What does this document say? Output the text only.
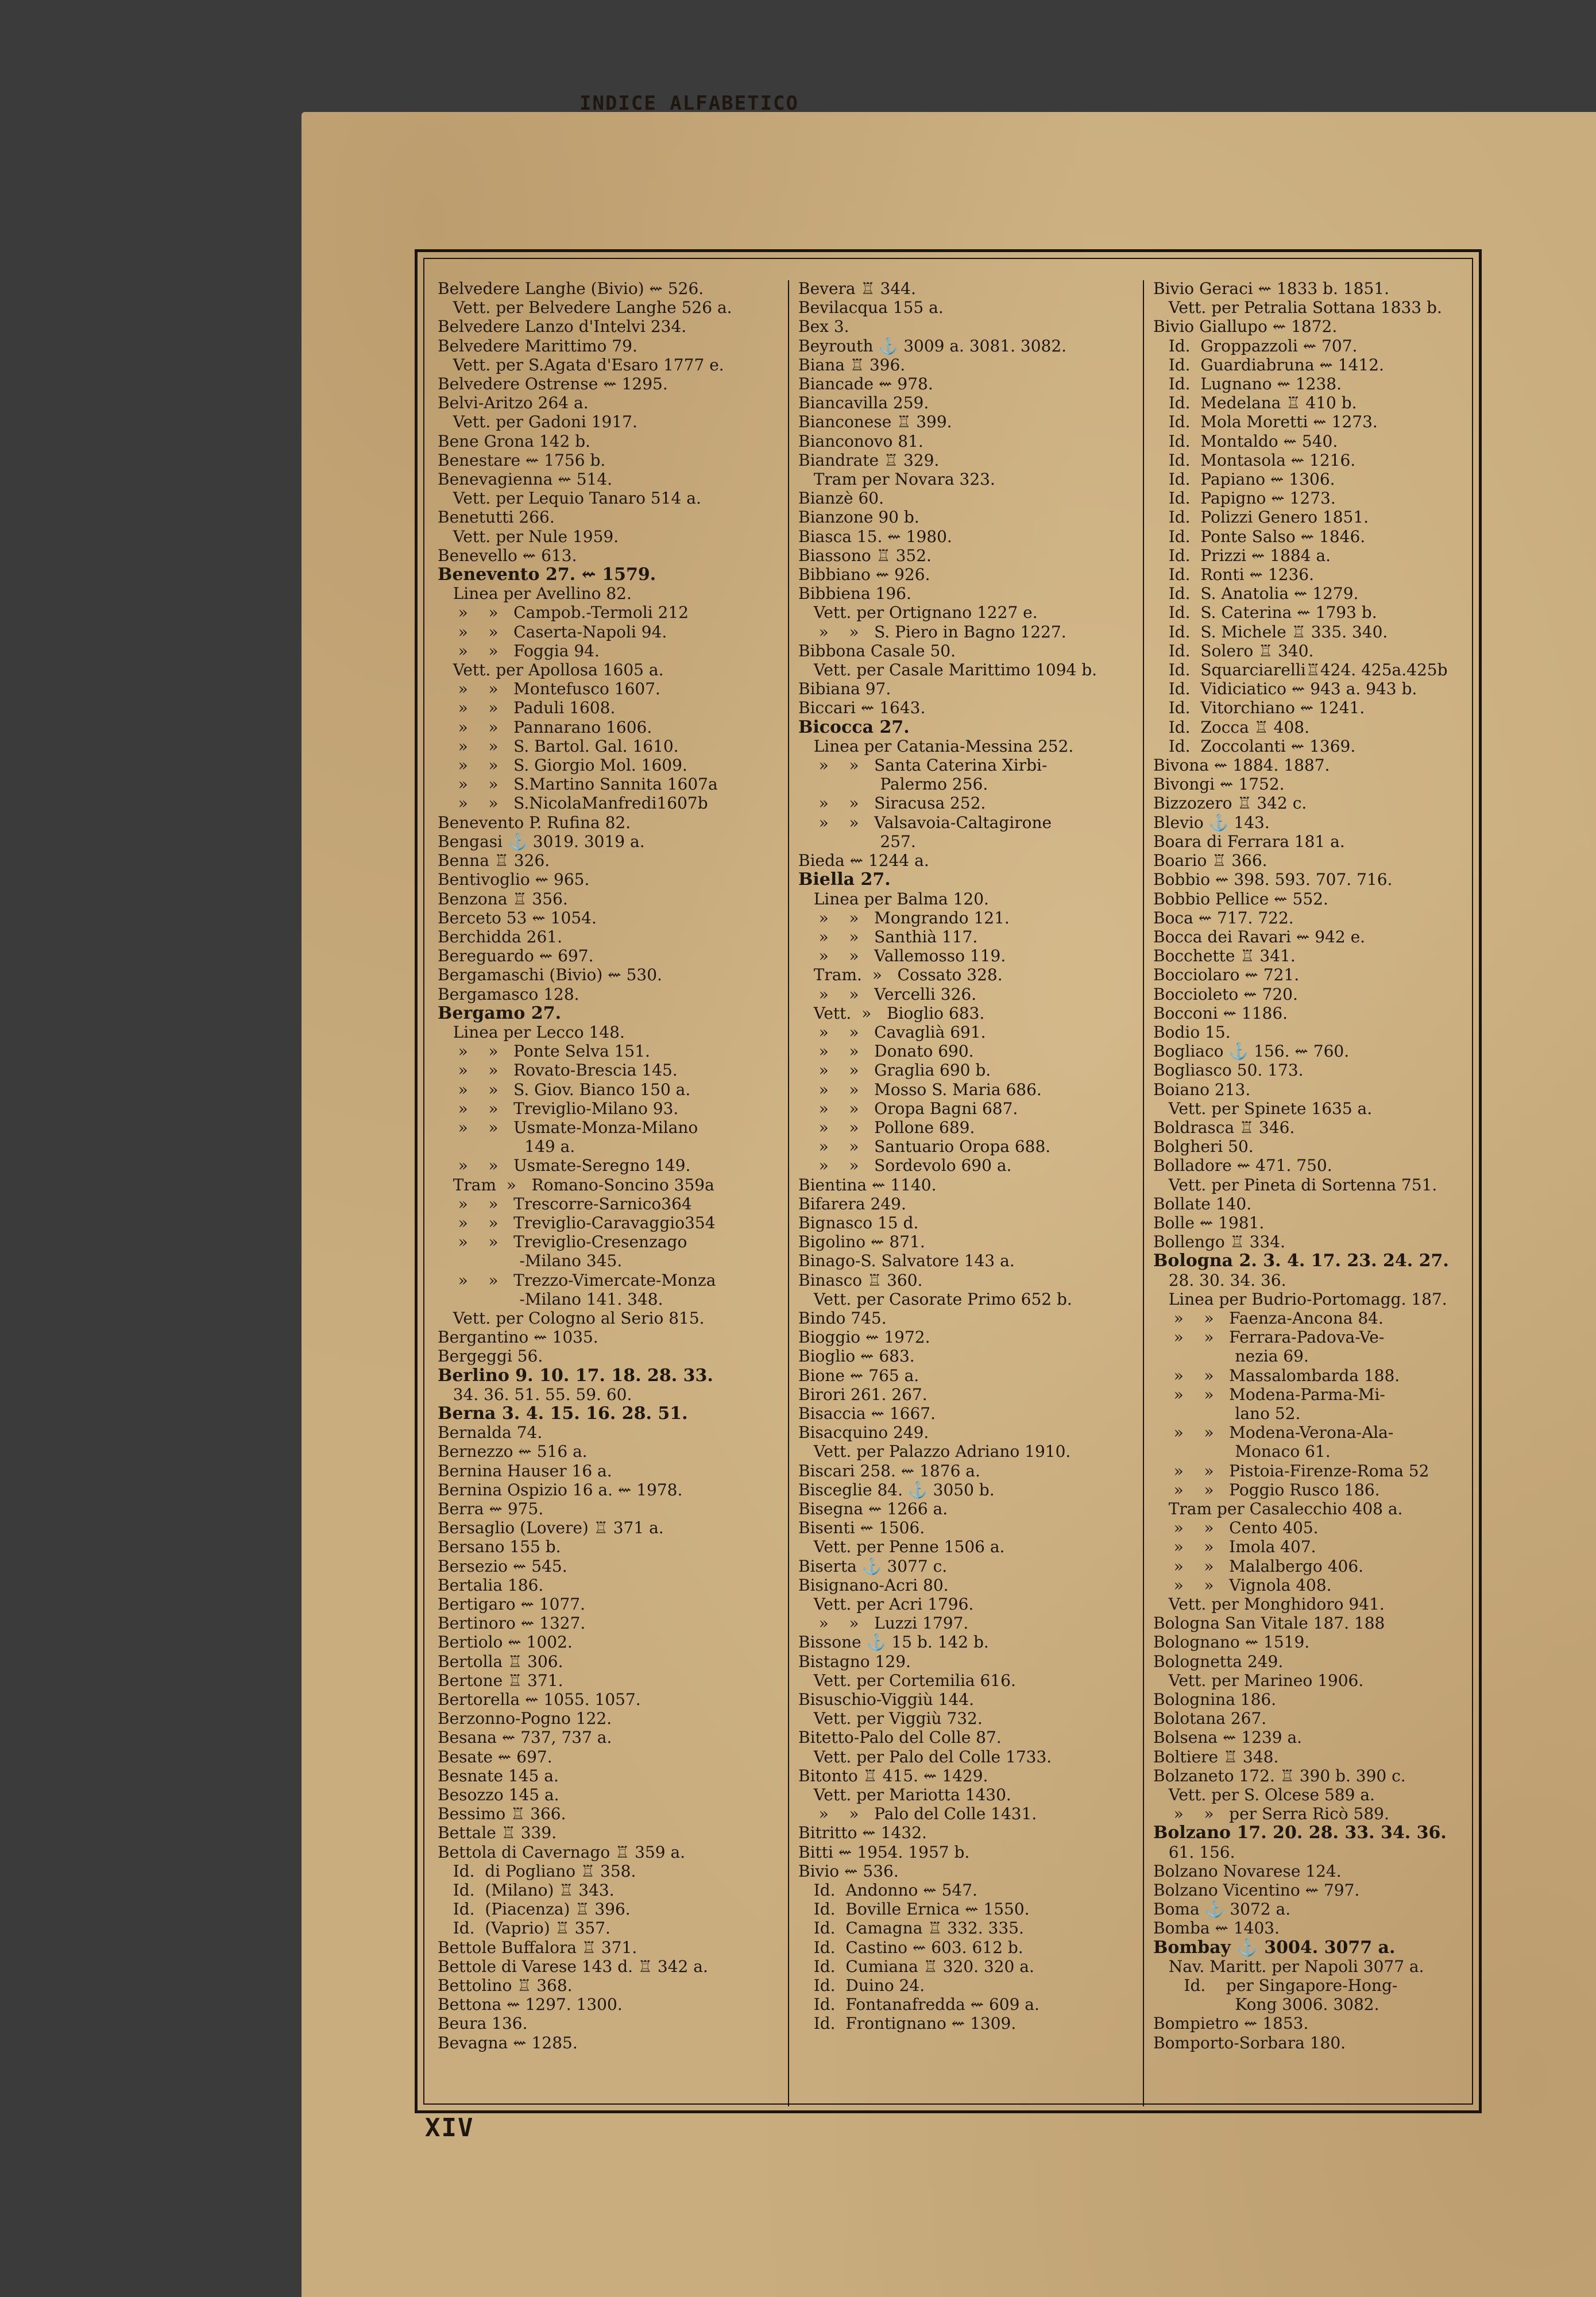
INDICE ALFABETICO
Belvedere Langhe (Bivio) ⇜ 526.
Vett. per Belvedere Langhe 526 a.
Belvedere Lanzo d'Intelvi 234.
Belvedere Marittimo 79.
Vett. per S.Agata d'Esaro 1777 e.
Belvedere Ostrense ⇜ 1295.
Belvi-Aritzo 264 a.
Vett. per Gadoni 1917.
Bene Grona 142 b.
Benestare ⇜ 1756 b.
Benevagienna ⇜ 514.
Vett. per Lequio Tanaro 514 a.
Benetutti 266.
Vett. per Nule 1959.
Benevello ⇜ 613.
Benevento 27. ⇜ 1579.
Linea per Avellino 82.
»    »   Campob.-Termoli 212
»    »   Caserta-Napoli 94.
»    »   Foggia 94.
Vett. per Apollosa 1605 a.
»    »   Montefusco 1607.
»    »   Paduli 1608.
»    »   Pannarano 1606.
»    »   S. Bartol. Gal. 1610.
»    »   S. Giorgio Mol. 1609.
»    »   S.Martino Sannita 1607a
»    »   S.NicolaManfredi1607b
Benevento P. Rufina 82.
Bengasi ⚓ 3019. 3019 a.
Benna ♖ 326.
Bentivoglio ⇜ 965.
Benzona ♖ 356.
Berceto 53 ⇜ 1054.
Berchidda 261.
Bereguardo ⇜ 697.
Bergamaschi (Bivio) ⇜ 530.
Bergamasco 128.
Bergamo 27.
Linea per Lecco 148.
»    »   Ponte Selva 151.
»    »   Rovato-Brescia 145.
»    »   S. Giov. Bianco 150 a.
»    »   Treviglio-Milano 93.
»    »   Usmate-Monza-Milano
149 a.
»    »   Usmate-Seregno 149.
Tram  »   Romano-Soncino 359a
»    »   Trescorre-Sarnico364
»    »   Treviglio-Caravaggio354
»    »   Treviglio-Cresenzago
-Milano 345.
»    »   Trezzo-Vimercate-Monza
-Milano 141. 348.
Vett. per Cologno al Serio 815.
Bergantino ⇜ 1035.
Bergeggi 56.
Berlino 9. 10. 17. 18. 28. 33.
34. 36. 51. 55. 59. 60.
Berna 3. 4. 15. 16. 28. 51.
Bernalda 74.
Bernezzo ⇜ 516 a.
Bernina Hauser 16 a.
Bernina Ospizio 16 a. ⇜ 1978.
Berra ⇜ 975.
Bersaglio (Lovere) ♖ 371 a.
Bersano 155 b.
Bersezio ⇜ 545.
Bertalia 186.
Bertigaro ⇜ 1077.
Bertinoro ⇜ 1327.
Bertiolo ⇜ 1002.
Bertolla ♖ 306.
Bertone ♖ 371.
Bertorella ⇜ 1055. 1057.
Berzonno-Pogno 122.
Besana ⇜ 737, 737 a.
Besate ⇜ 697.
Besnate 145 a.
Besozzo 145 a.
Bessimo ♖ 366.
Bettale ♖ 339.
Bettola di Cavernago ♖ 359 a.
Id.  di Pogliano ♖ 358.
Id.  (Milano) ♖ 343.
Id.  (Piacenza) ♖ 396.
Id.  (Vaprio) ♖ 357.
Bettole Buffalora ♖ 371.
Bettole di Varese 143 d. ♖ 342 a.
Bettolino ♖ 368.
Bettona ⇜ 1297. 1300.
Beura 136.
Bevagna ⇜ 1285.
Bevera ♖ 344.
Bevilacqua 155 a.
Bex 3.
Beyrouth ⚓ 3009 a. 3081. 3082.
Biana ♖ 396.
Biancade ⇜ 978.
Biancavilla 259.
Bianconese ♖ 399.
Bianconovo 81.
Biandrate ♖ 329.
Tram per Novara 323.
Bianzè 60.
Bianzone 90 b.
Biasca 15. ⇜ 1980.
Biassono ♖ 352.
Bibbiano ⇜ 926.
Bibbiena 196.
Vett. per Ortignano 1227 e.
»    »   S. Piero in Bagno 1227.
Bibbona Casale 50.
Vett. per Casale Marittimo 1094 b.
Bibiana 97.
Biccari ⇜ 1643.
Bicocca 27.
Linea per Catania-Messina 252.
»    »   Santa Caterina Xirbi-
Palermo 256.
»    »   Siracusa 252.
»    »   Valsavoia-Caltagirone
257.
Bieda ⇜ 1244 a.
Biella 27.
Linea per Balma 120.
»    »   Mongrando 121.
»    »   Santhià 117.
»    »   Vallemosso 119.
Tram.  »   Cossato 328.
»    »   Vercelli 326.
Vett.  »   Bioglio 683.
»    »   Cavaglià 691.
»    »   Donato 690.
»    »   Graglia 690 b.
»    »   Mosso S. Maria 686.
»    »   Oropa Bagni 687.
»    »   Pollone 689.
»    »   Santuario Oropa 688.
»    »   Sordevolo 690 a.
Bientina ⇜ 1140.
Bifarera 249.
Bignasco 15 d.
Bigolino ⇜ 871.
Binago-S. Salvatore 143 a.
Binasco ♖ 360.
Vett. per Casorate Primo 652 b.
Bindo 745.
Bioggio ⇜ 1972.
Bioglio ⇜ 683.
Bione ⇜ 765 a.
Birori 261. 267.
Bisaccia ⇜ 1667.
Bisacquino 249.
Vett. per Palazzo Adriano 1910.
Biscari 258. ⇜ 1876 a.
Bisceglie 84. ⚓ 3050 b.
Bisegna ⇜ 1266 a.
Bisenti ⇜ 1506.
Vett. per Penne 1506 a.
Biserta ⚓ 3077 c.
Bisignano-Acri 80.
Vett. per Acri 1796.
»    »   Luzzi 1797.
Bissone ⚓ 15 b. 142 b.
Bistagno 129.
Vett. per Cortemilia 616.
Bisuschio-Viggiù 144.
Vett. per Viggiù 732.
Bitetto-Palo del Colle 87.
Vett. per Palo del Colle 1733.
Bitonto ♖ 415. ⇜ 1429.
Vett. per Mariotta 1430.
»    »   Palo del Colle 1431.
Bitritto ⇜ 1432.
Bitti ⇜ 1954. 1957 b.
Bivio ⇜ 536.
Id.  Andonno ⇜ 547.
Id.  Boville Ernica ⇜ 1550.
Id.  Camagna ♖ 332. 335.
Id.  Castino ⇜ 603. 612 b.
Id.  Cumiana ♖ 320. 320 a.
Id.  Duino 24.
Id.  Fontanafredda ⇜ 609 a.
Id.  Frontignano ⇜ 1309.
Bivio Geraci ⇜ 1833 b. 1851.
Vett. per Petralia Sottana 1833 b.
Bivio Giallupo ⇜ 1872.
Id.  Groppazzoli ⇜ 707.
Id.  Guardiabruna ⇜ 1412.
Id.  Lugnano ⇜ 1238.
Id.  Medelana ♖ 410 b.
Id.  Mola Moretti ⇜ 1273.
Id.  Montaldo ⇜ 540.
Id.  Montasola ⇜ 1216.
Id.  Papiano ⇜ 1306.
Id.  Papigno ⇜ 1273.
Id.  Polizzi Genero 1851.
Id.  Ponte Salso ⇜ 1846.
Id.  Prizzi ⇜ 1884 a.
Id.  Ronti ⇜ 1236.
Id.  S. Anatolia ⇜ 1279.
Id.  S. Caterina ⇜ 1793 b.
Id.  S. Michele ♖ 335. 340.
Id.  Solero ♖ 340.
Id.  Squarciarelli♖424. 425a.425b
Id.  Vidiciatico ⇜ 943 a. 943 b.
Id.  Vitorchiano ⇜ 1241.
Id.  Zocca ♖ 408.
Id.  Zoccolanti ⇜ 1369.
Bivona ⇜ 1884. 1887.
Bivongi ⇜ 1752.
Bizzozero ♖ 342 c.
Blevio ⚓ 143.
Boara di Ferrara 181 a.
Boario ♖ 366.
Bobbio ⇜ 398. 593. 707. 716.
Bobbio Pellice ⇜ 552.
Boca ⇜ 717. 722.
Bocca dei Ravari ⇜ 942 e.
Bocchette ♖ 341.
Bocciolaro ⇜ 721.
Boccioleto ⇜ 720.
Bocconi ⇜ 1186.
Bodio 15.
Bogliaco ⚓ 156. ⇜ 760.
Bogliasco 50. 173.
Boiano 213.
Vett. per Spinete 1635 a.
Boldrasca ♖ 346.
Bolgheri 50.
Bolladore ⇜ 471. 750.
Vett. per Pineta di Sortenna 751.
Bollate 140.
Bolle ⇜ 1981.
Bollengo ♖ 334.
Bologna 2. 3. 4. 17. 23. 24. 27.
28. 30. 34. 36.
Linea per Budrio-Portomagg. 187.
»    »   Faenza-Ancona 84.
»    »   Ferrara-Padova-Ve-
nezia 69.
»    »   Massalombarda 188.
»    »   Modena-Parma-Mi-
lano 52.
»    »   Modena-Verona-Ala-
Monaco 61.
»    »   Pistoia-Firenze-Roma 52
»    »   Poggio Rusco 186.
Tram per Casalecchio 408 a.
»    »   Cento 405.
»    »   Imola 407.
»    »   Malalbergo 406.
»    »   Vignola 408.
Vett. per Monghidoro 941.
Bologna San Vitale 187. 188
Bolognano ⇜ 1519.
Bolognetta 249.
Vett. per Marineo 1906.
Bolognina 186.
Bolotana 267.
Bolsena ⇜ 1239 a.
Boltiere ♖ 348.
Bolzaneto 172. ♖ 390 b. 390 c.
Vett. per S. Olcese 589 a.
»    »   per Serra Ricò 589.
Bolzano 17. 20. 28. 33. 34. 36.
61. 156.
Bolzano Novarese 124.
Bolzano Vicentino ⇜ 797.
Boma ⚓ 3072 a.
Bomba ⇜ 1403.
Bombay ⚓ 3004. 3077 a.
Nav. Maritt. per Napoli 3077 a.
Id.    per Singapore-Hong-
Kong 3006. 3082.
Bompietro ⇜ 1853.
Bomporto-Sorbara 180.
XIV
